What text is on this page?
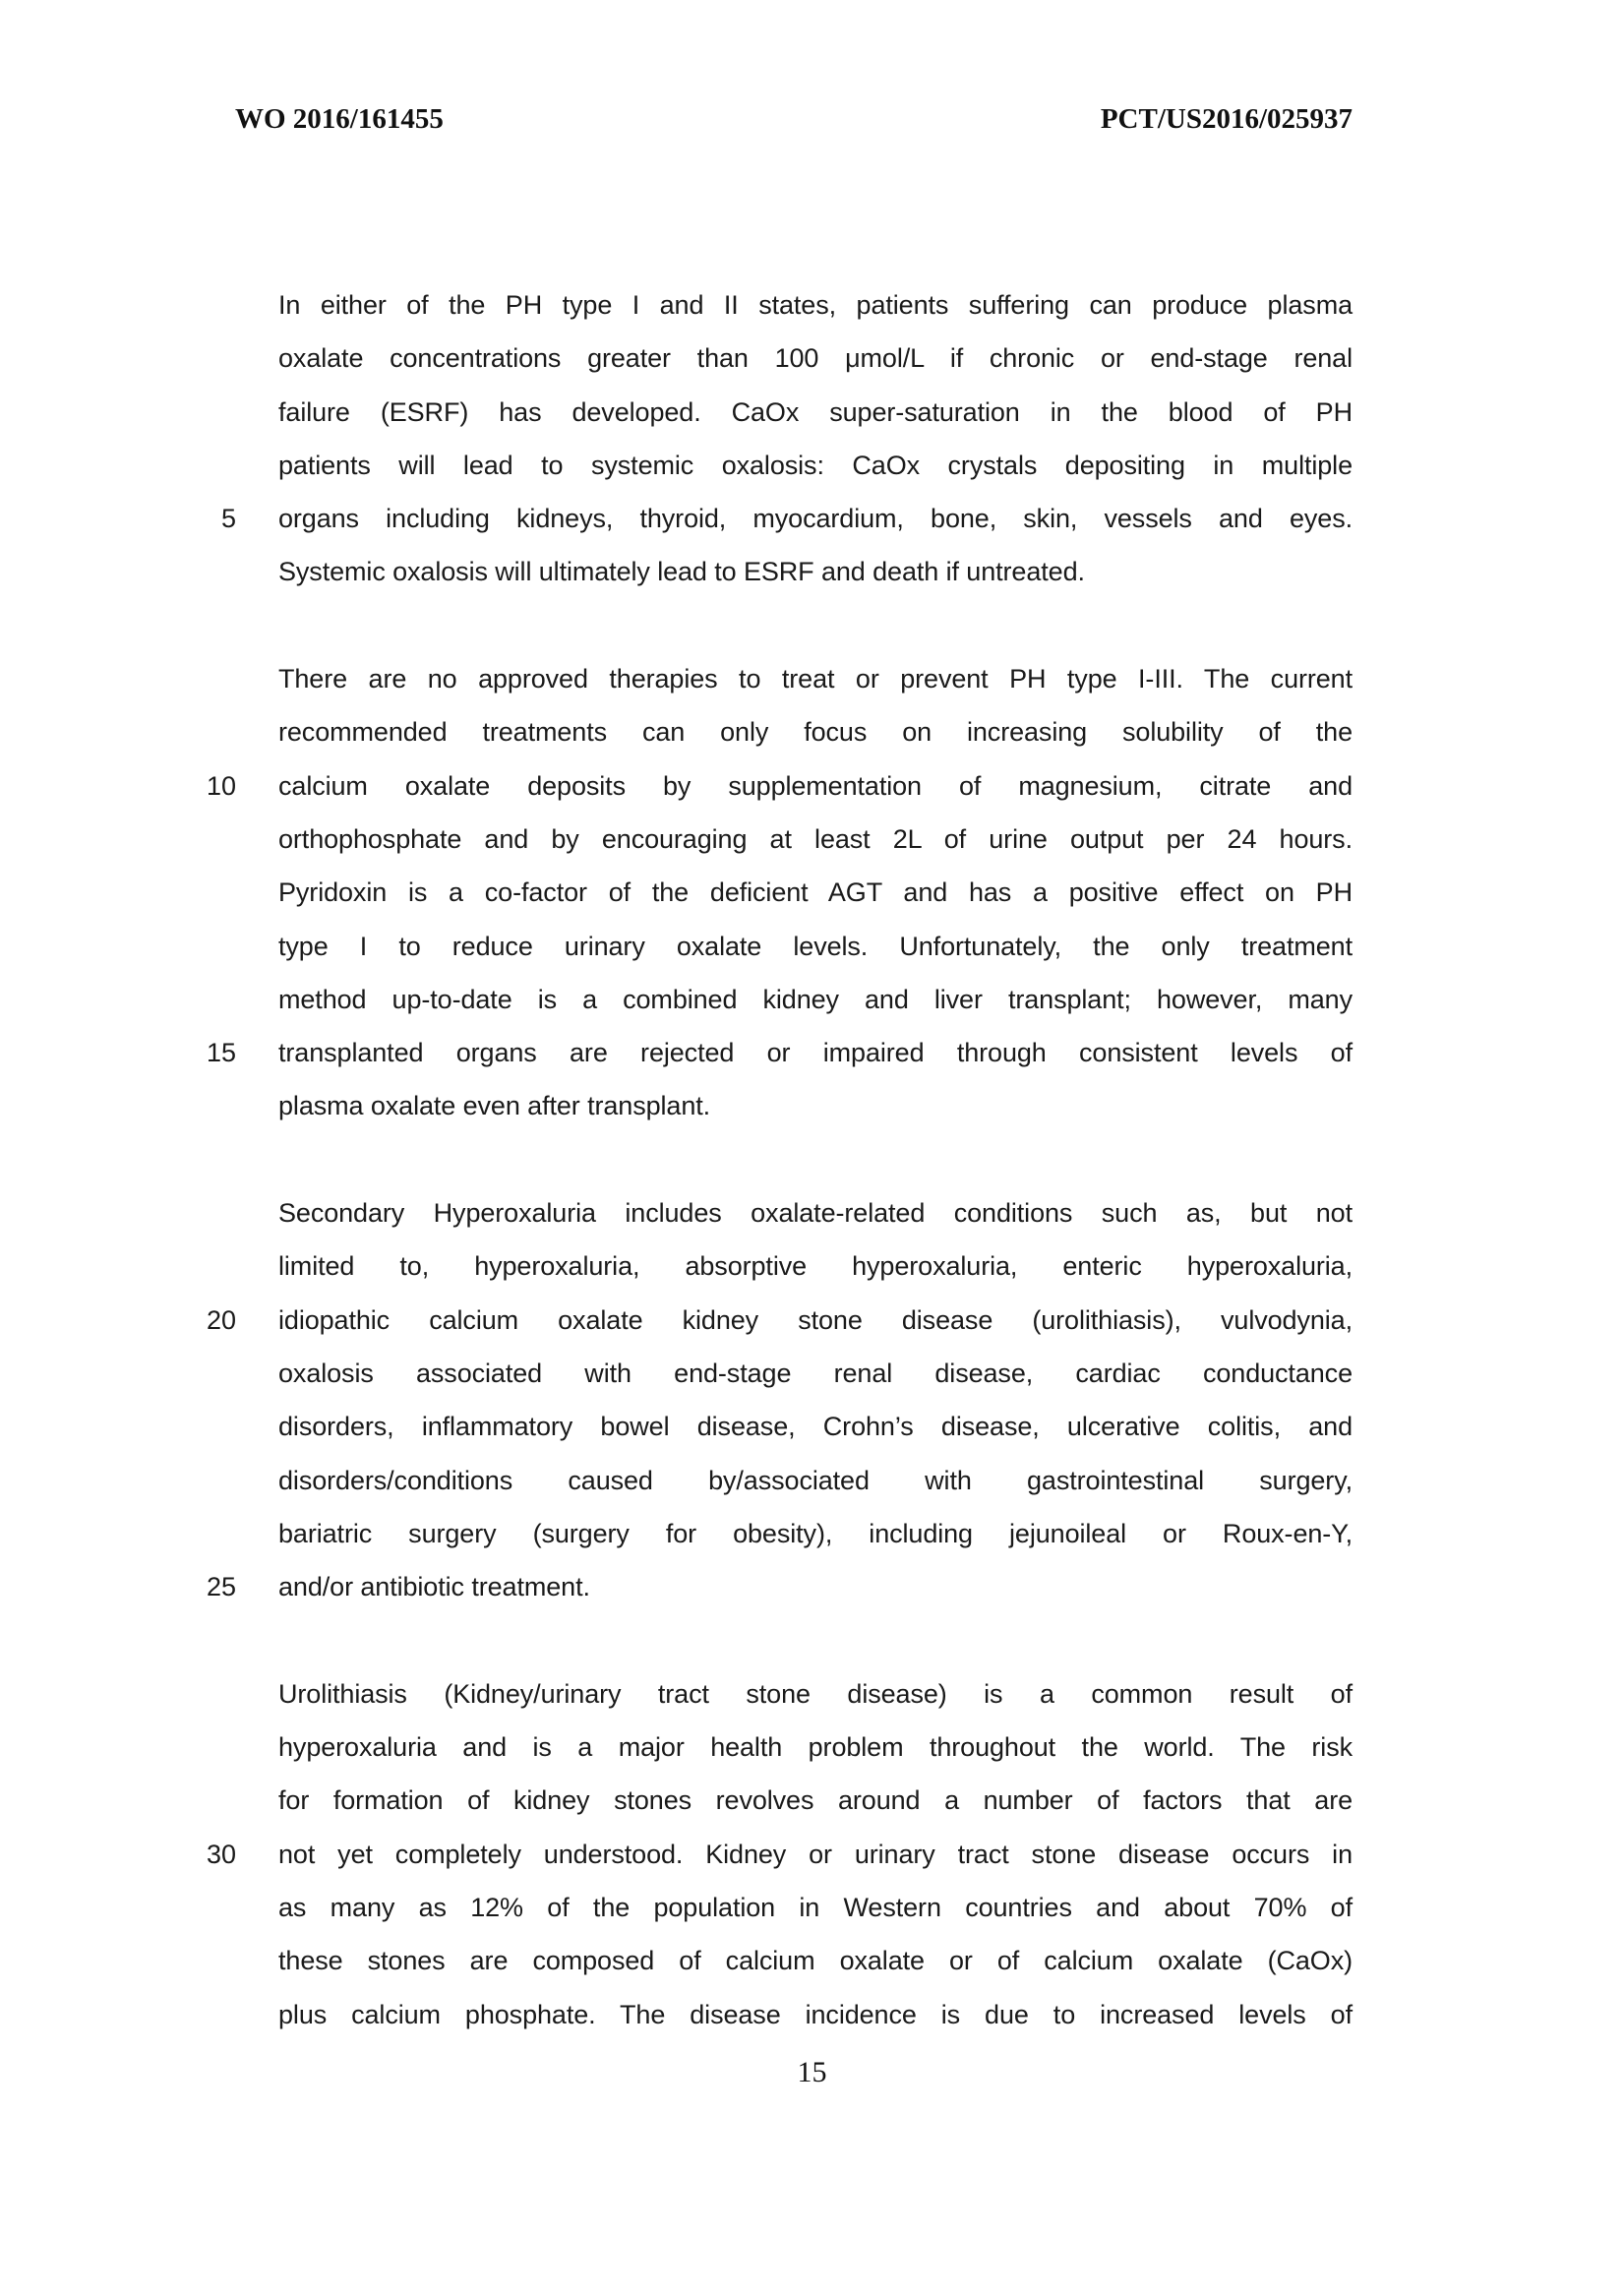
WO 2016/161455	PCT/US2016/025937
In either of the PH type I and II states, patients suffering can produce plasma
oxalate concentrations greater than 100 μmol/L if chronic or end-stage renal
failure (ESRF) has developed. CaOx super-saturation in the blood of PH
patients will lead to systemic oxalosis: CaOx crystals depositing in multiple
5 organs including kidneys, thyroid, myocardium, bone, skin, vessels and eyes.
Systemic oxalosis will ultimately lead to ESRF and death if untreated.
There are no approved therapies to treat or prevent PH type I-III. The current
recommended treatments can only focus on increasing solubility of the
10 calcium oxalate deposits by supplementation of magnesium, citrate and
orthophosphate and by encouraging at least 2L of urine output per 24 hours.
Pyridoxin is a co-factor of the deficient AGT and has a positive effect on PH
type I to reduce urinary oxalate levels. Unfortunately, the only treatment
method up-to-date is a combined kidney and liver transplant; however, many
15 transplanted organs are rejected or impaired through consistent levels of
plasma oxalate even after transplant.
Secondary Hyperoxaluria includes oxalate-related conditions such as, but not
limited to, hyperoxaluria, absorptive hyperoxaluria, enteric hyperoxaluria,
20 idiopathic calcium oxalate kidney stone disease (urolithiasis), vulvodynia,
oxalosis associated with end-stage renal disease, cardiac conductance
disorders, inflammatory bowel disease, Crohn’s disease, ulcerative colitis, and
disorders/conditions caused by/associated with gastrointestinal surgery,
bariatric surgery (surgery for obesity), including jejunoileal or Roux-en-Y,
25 and/or antibiotic treatment.
Urolithiasis (Kidney/urinary tract stone disease) is a common result of
hyperoxaluria and is a major health problem throughout the world. The risk
for formation of kidney stones revolves around a number of factors that are
30 not yet completely understood. Kidney or urinary tract stone disease occurs in
as many as 12% of the population in Western countries and about 70% of
these stones are composed of calcium oxalate or of calcium oxalate (CaOx)
plus calcium phosphate. The disease incidence is due to increased levels of
15
